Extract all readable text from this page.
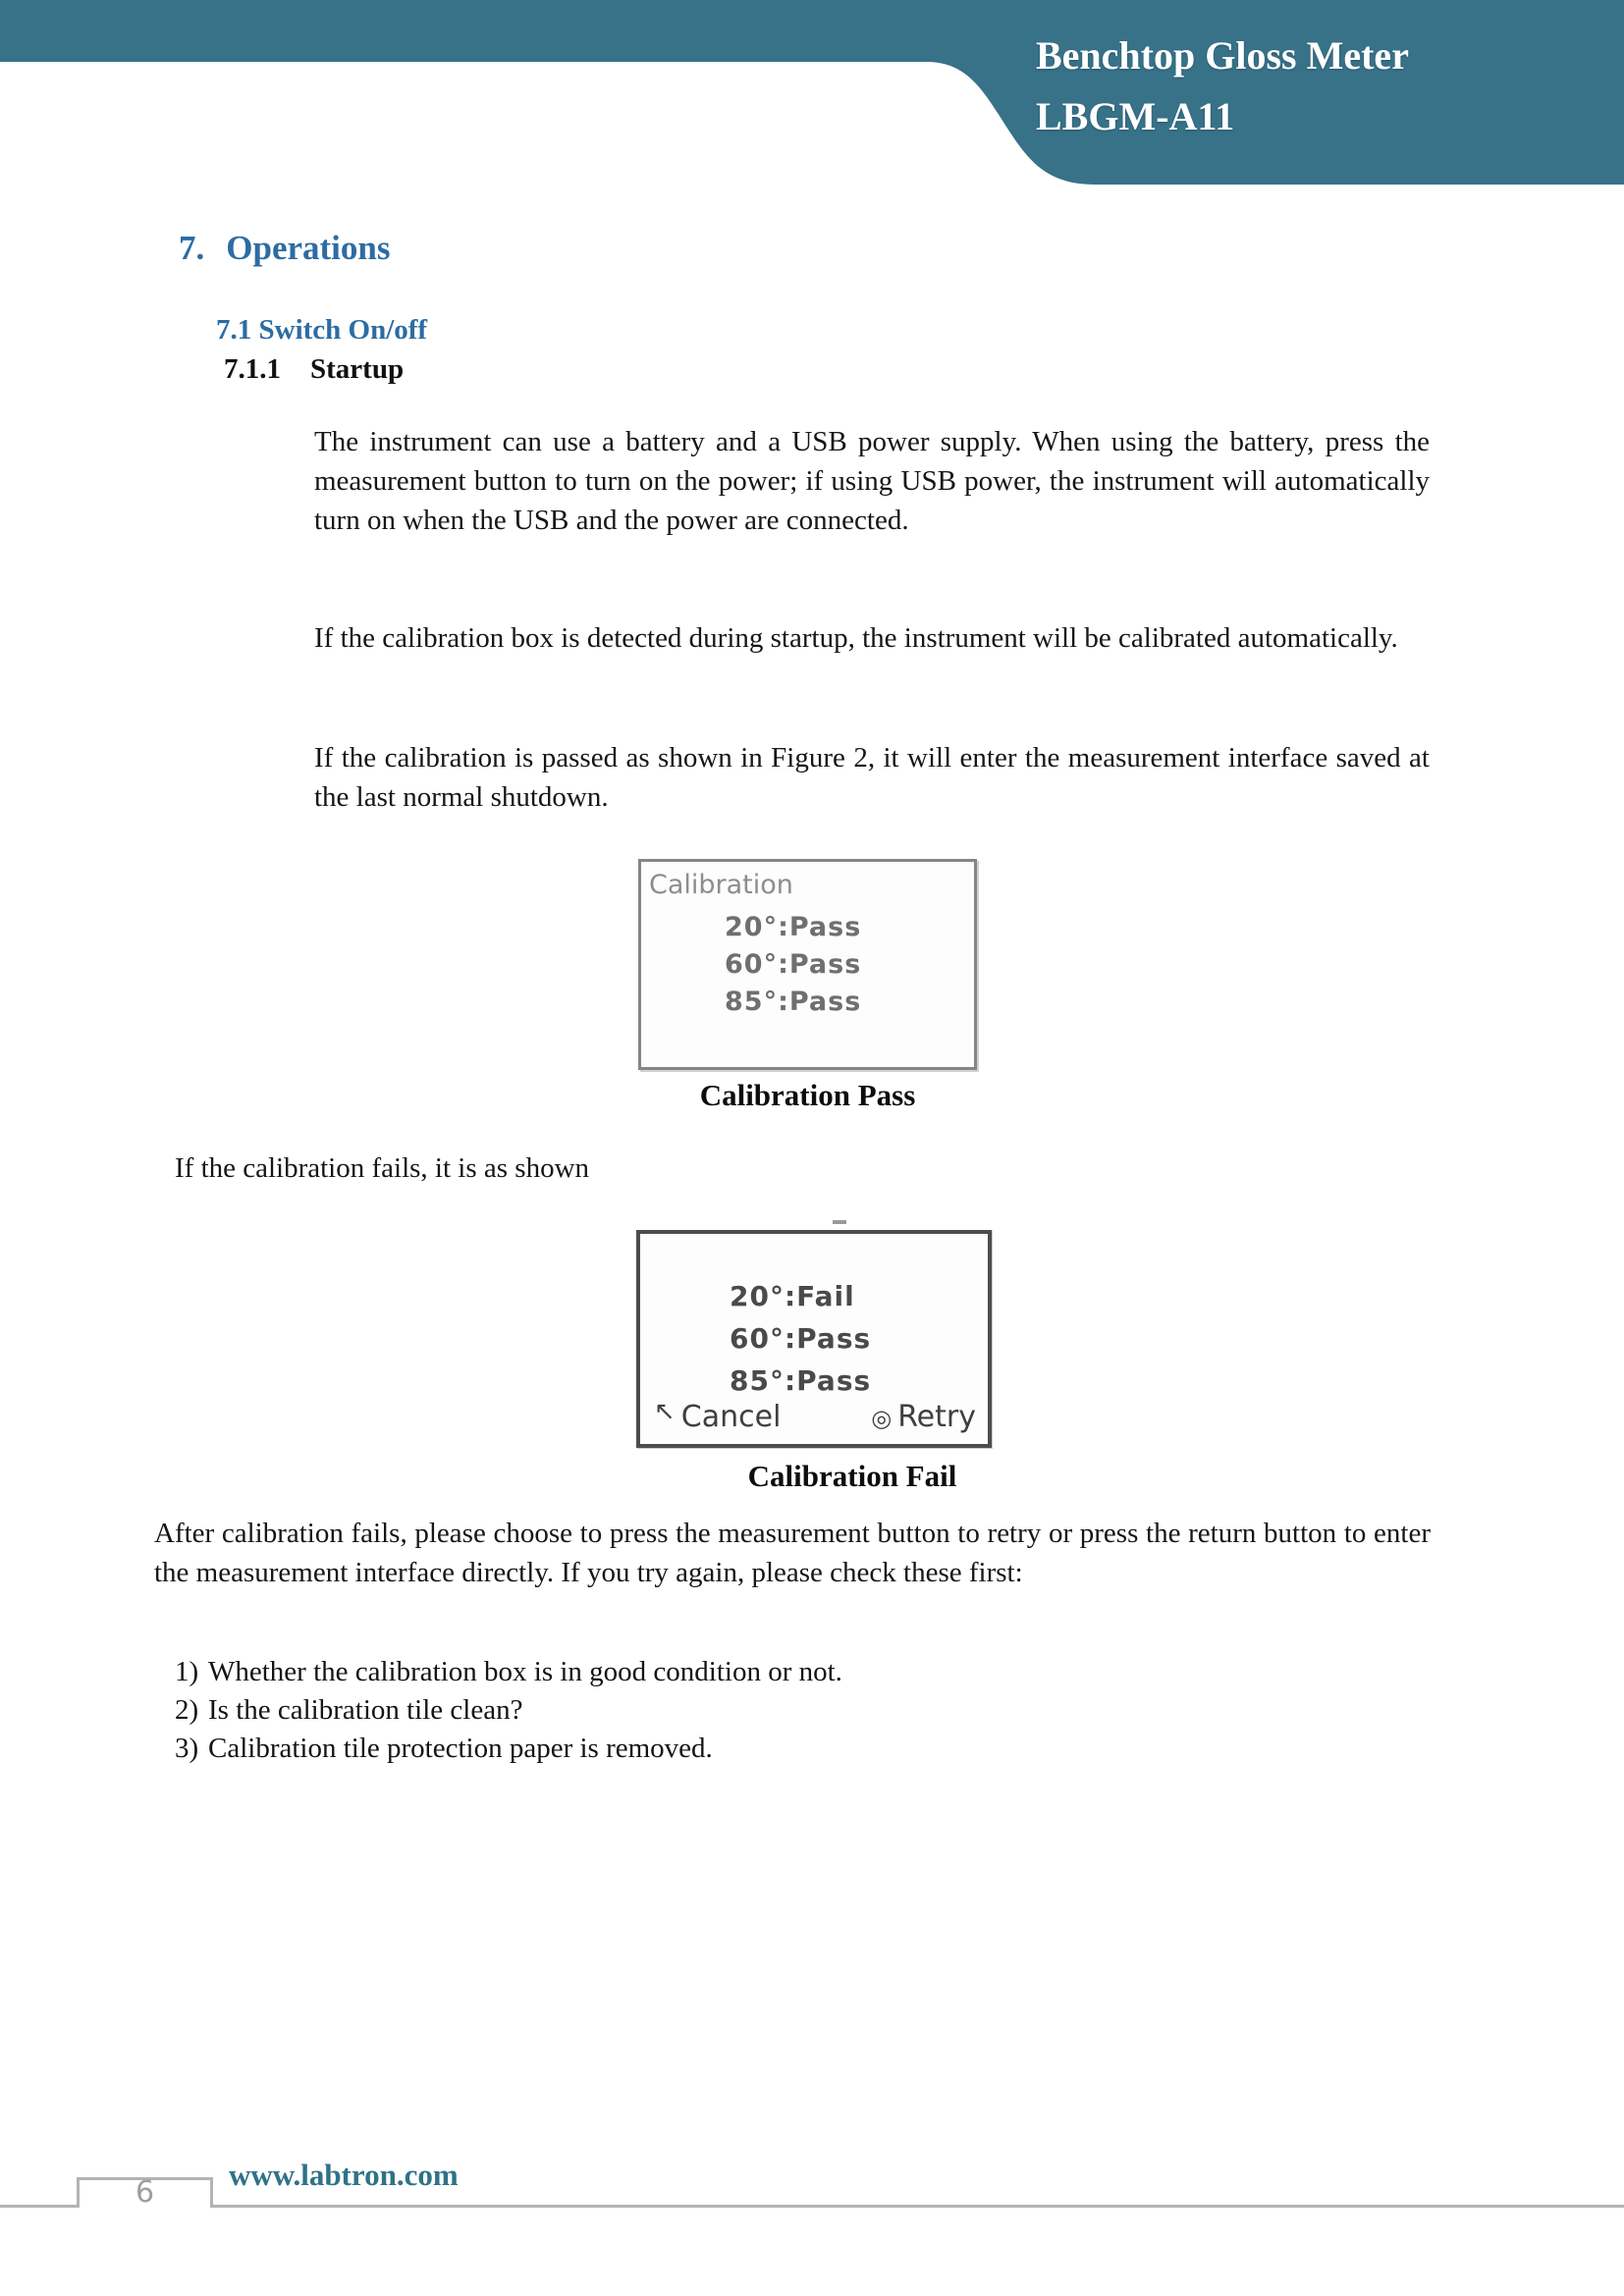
Benchtop Gloss Meter
LBGM-A11
7. Operations
7.1 Switch On/off
7.1.1 Startup

The instrument can use a battery and a USB power supply. When using the battery, press the measurement button to turn on the power; if using USB power, the instrument will automatically turn on when the USB and the power are connected.

If the calibration box is detected during startup, the instrument will be calibrated automatically.

If the calibration is passed as shown in Figure 2, it will enter the measurement interface saved at the last normal shutdown.

Calibration
20°:Pass
60°:Pass
85°:Pass
Calibration Pass

If the calibration fails, it is as shown

20°:Fail
60°:Pass
85°:Pass
↖ Cancel	◎ Retry
Calibration Fail

After calibration fails, please choose to press the measurement button to retry or press the return button to enter the measurement interface directly. If you try again, please check these first:

1) Whether the calibration box is in good condition or not.
2) Is the calibration tile clean?
3) Calibration tile protection paper is removed.
6
www.labtron.com
